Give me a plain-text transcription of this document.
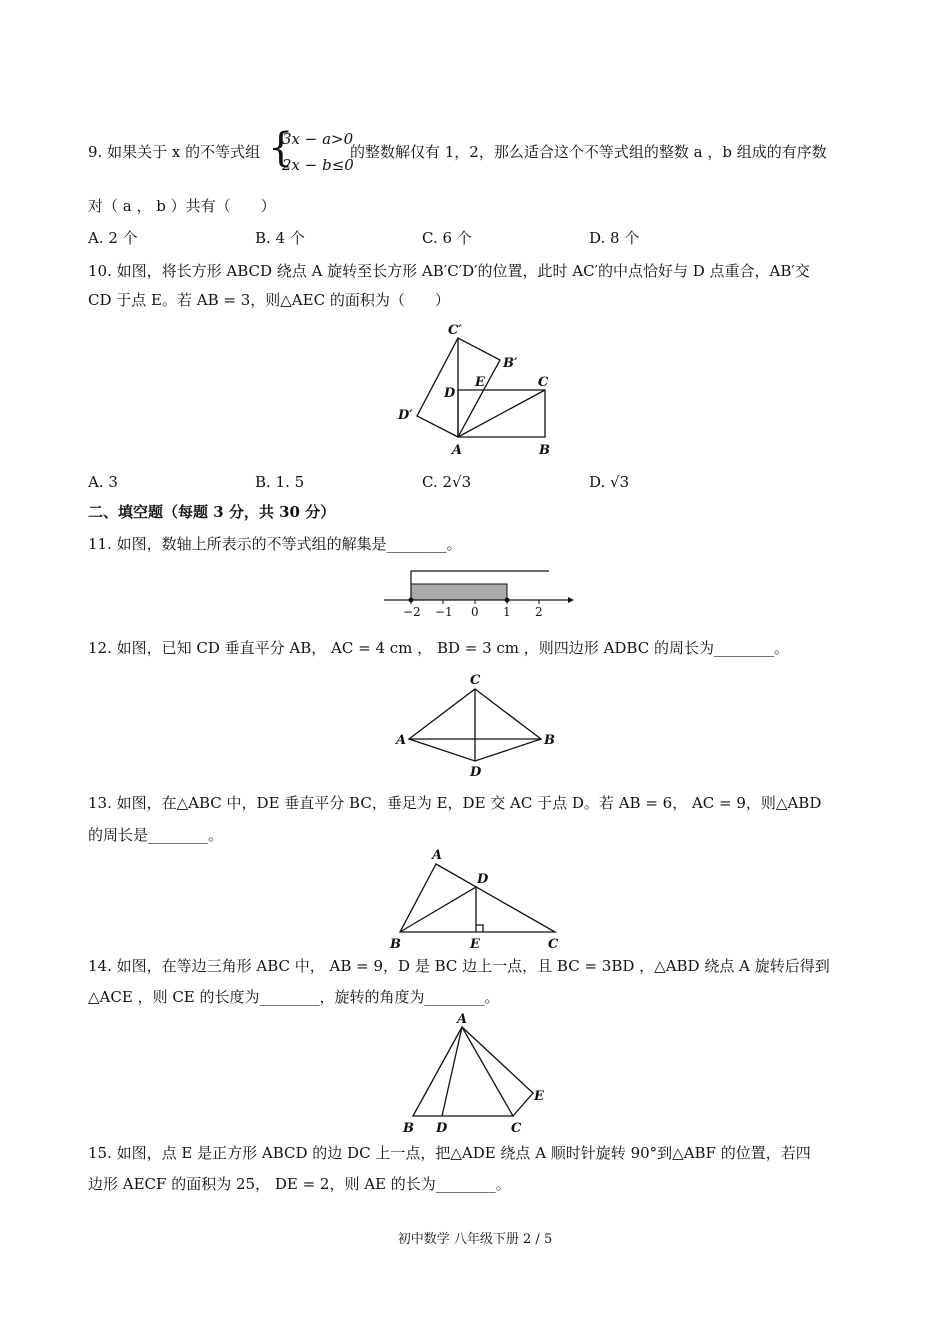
9. 如果关于 x 的不等式组 {
3x − a>0
2x − b≤0
的整数解仅有 1，2，那么适合这个不等式组的整数 a ，b 组成的有序数
对（ a ， b ）共有（　　）
A. 2 个	B. 4 个	C. 6 个	D. 8 个
10. 如图，将长方形 ABCD 绕点 A 旋转至长方形 AB′C′D′的位置，此时 AC′的中点恰好与 D 点重合，AB′交
CD 于点 E。若 AB = 3，则△AEC 的面积为（　　）
C′
B′
D
E	C
D′
A	B
A. 3	B. 1. 5	C. 2√3	D. √3
二、填空题（每题 3 分，共 30 分）
11. 如图，数轴上所表示的不等式组的解集是________。
−2 −1 0 1 2
12. 如图，已知 CD 垂直平分 AB， AC = 4 cm ， BD = 3 cm ，则四边形 ADBC 的周长为________。
C
A	B
D
13. 如图，在△ABC 中，DE 垂直平分 BC，垂足为 E，DE 交 AC 于点 D。若 AB = 6， AC = 9，则△ABD
的周长是________。
A
D
B	E	C
14. 如图，在等边三角形 ABC 中， AB = 9，D 是 BC 边上一点，且 BC = 3BD ，△ABD 绕点 A 旋转后得到
△ACE ，则 CE 的长度为________，旋转的角度为________。
A
E
B D	C
15. 如图，点 E 是正方形 ABCD 的边 DC 上一点，把△ADE 绕点 A 顺时针旋转 90°到△ABF 的位置，若四
边形 AECF 的面积为 25， DE = 2，则 AE 的长为________。
初中数学 八年级下册 2 / 5
